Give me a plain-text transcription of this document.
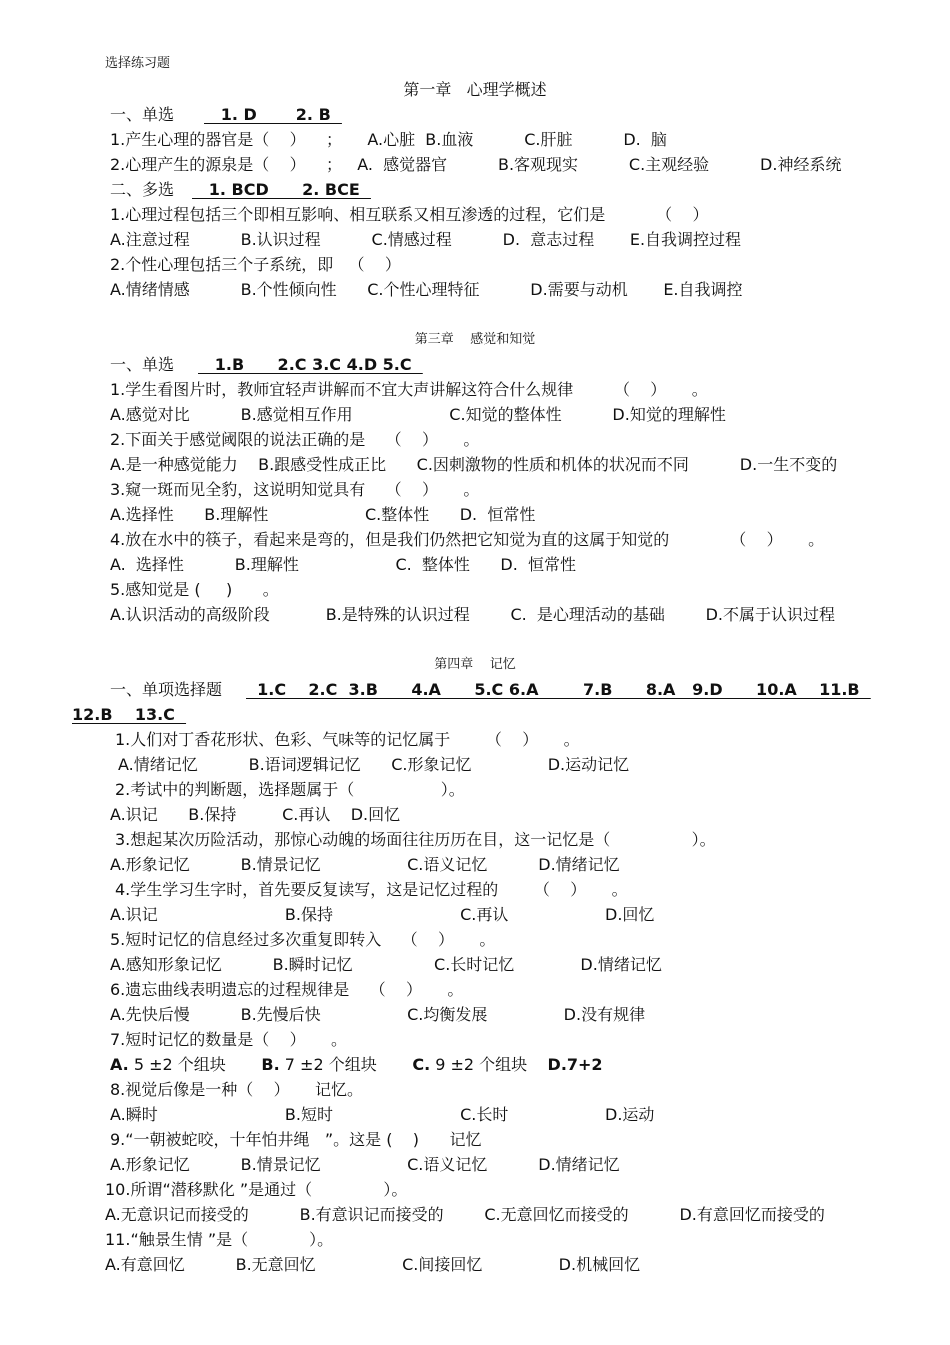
选择练习题
第一章   心理学概述
一、单选   1. D       2. B
1.产生心理的器官是（    ）    ；     A.心脏  B.血液          C.肝脏          D.  脑
2.心理产生的源泉是（    ）    ；   A.  感觉器官          B.客观现实          C.主观经验          D.神经系统
二、多选   1. BCD      2. BCE
1.心理过程包括三个即相互影响、相互联系又相互渗透的过程，它们是          （    ）
A.注意过程          B.认识过程          C.情感过程          D.  意志过程       E.自我调控过程
2.个性心理包括三个子系统，即   （    ）
A.情绪情感          B.个性倾向性      C.个性心理特征          D.需要与动机       E.自我调控
第三章    感觉和知觉
一、单选   1.B      2.C 3.C 4.D 5.C
1.学生看图片时，教师宜轻声讲解而不宜大声讲解这符合什么规律        （    ）     。
A.感觉对比          B.感觉相互作用                   C.知觉的整体性          D.知觉的理解性
2.下面关于感觉阈限的说法正确的是    （    ）     。
A.是一种感觉能力    B.跟感受性成正比      C.因刺激物的性质和机体的状况而不同          D.一生不变的
3.窥一斑而见全豹，这说明知觉具有    （    ）     。
A.选择性      B.理解性                   C.整体性      D.  恒常性
4.放在水中的筷子，看起来是弯的，但是我们仍然把它知觉为直的这属于知觉的            （    ）     。
A.  选择性          B.理解性                   C.  整体性      D.  恒常性
5.感知觉是 (     )      。
A.认识活动的高级阶段           B.是特殊的认识过程        C.  是心理活动的基础        D.不属于认识过程
第四章    记忆
一、单项选择题  1.C    2.C  3.B      4.A      5.C 6.A        7.B      8.A   9.D      10.A    11.B
12.B    13.C
1.人们对丁香花形状、色彩、气味等的记忆属于       （    ）     。
A.情绪记忆          B.语词逻辑记忆      C.形象记忆               D.运动记忆
2.考试中的判断题，选择题属于（                 ）。
A.识记      B.保持         C.再认    D.回忆
3.想起某次历险活动，那惊心动魄的场面往往历历在目，这一记忆是（                ）。
A.形象记忆          B.情景记忆                 C.语义记忆          D.情绪记忆
4.学生学习生字时，首先要反复读写，这是记忆过程的       （    ）     。
A.识记                         B.保持                         C.再认                   D.回忆
5.短时记忆的信息经过多次重复即转入    （    ）     。
A.感知形象记忆          B.瞬时记忆                C.长时记忆             D.情绪记忆
6.遗忘曲线表明遗忘的过程规律是    （    ）     。
A.先快后慢          B.先慢后快                 C.均衡发展               D.没有规律
7.短时记忆的数量是（    ）     。
A. 5 ±2 个组块       B. 7 ±2 个组块       C. 9 ±2 个组块    D.7+2
8.视觉后像是一种（    ）     记忆。
A.瞬时                         B.短时                         C.长时                   D.运动
9.“一朝被蛇咬，十年怕井绳   ”。这是 (    )      记忆
A.形象记忆          B.情景记忆                 C.语义记忆          D.情绪记忆
10.所谓“潜移默化 ”是通过（              ）。
A.无意识记而接受的          B.有意识记而接受的        C.无意回忆而接受的          D.有意回忆而接受的
11.“触景生情 ”是（            ）。
A.有意回忆          B.无意回忆                 C.间接回忆               D.机械回忆
